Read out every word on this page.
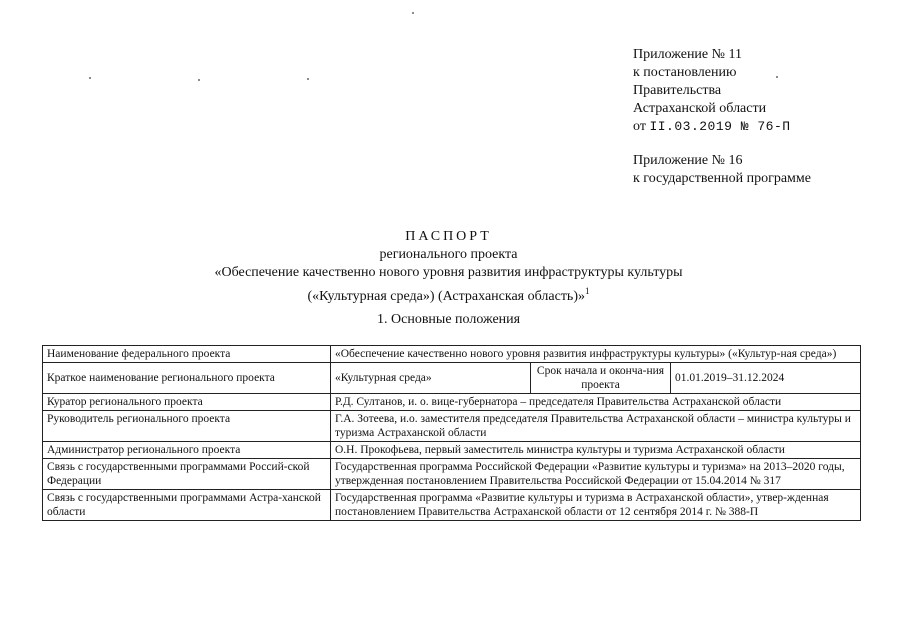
Приложение № 11
к постановлению
Правительства
Астраханской области
от II.03.2019 № 76-П
Приложение № 16
к государственной программе
ПАСПОРТ
регионального проекта
«Обеспечение качественно нового уровня развития инфраструктуры культуры
(«Культурная среда») (Астраханская область)»$^1$
1. Основные положения
Наименование федерального проекта	«Обеспечение качественно нового уровня развития инфраструктуры культуры» («Культур-ная среда»)		
Краткое наименование регионального проекта	«Культурная среда»	Срок начала и оконча-ния проекта	01.01.2019–31.12.2024
Куратор регионального проекта	Р.Д. Султанов, и. о. вице-губернатора – председателя Правительства Астраханской области		
Руководитель регионального проекта	Г.А. Зотеева, и.о. заместителя председателя Правительства Астраханской области – министра культуры и туризма Астраханской области		
Администратор регионального проекта	О.Н. Прокофьева, первый заместитель министра культуры и туризма Астраханской области		
Связь с государственными программами Россий-ской Федерации	Государственная программа Российской Федерации «Развитие культуры и туризма» на 2013–2020 годы, утвержденная постановлением Правительства Российской Федерации от 15.04.2014 № 317		
Связь с государственными программами Астра-ханской области	Государственная программа «Развитие культуры и туризма в Астраханской области», утвер-жденная постановлением Правительства Астраханской области от 12 сентября 2014 г. № 388-П		
